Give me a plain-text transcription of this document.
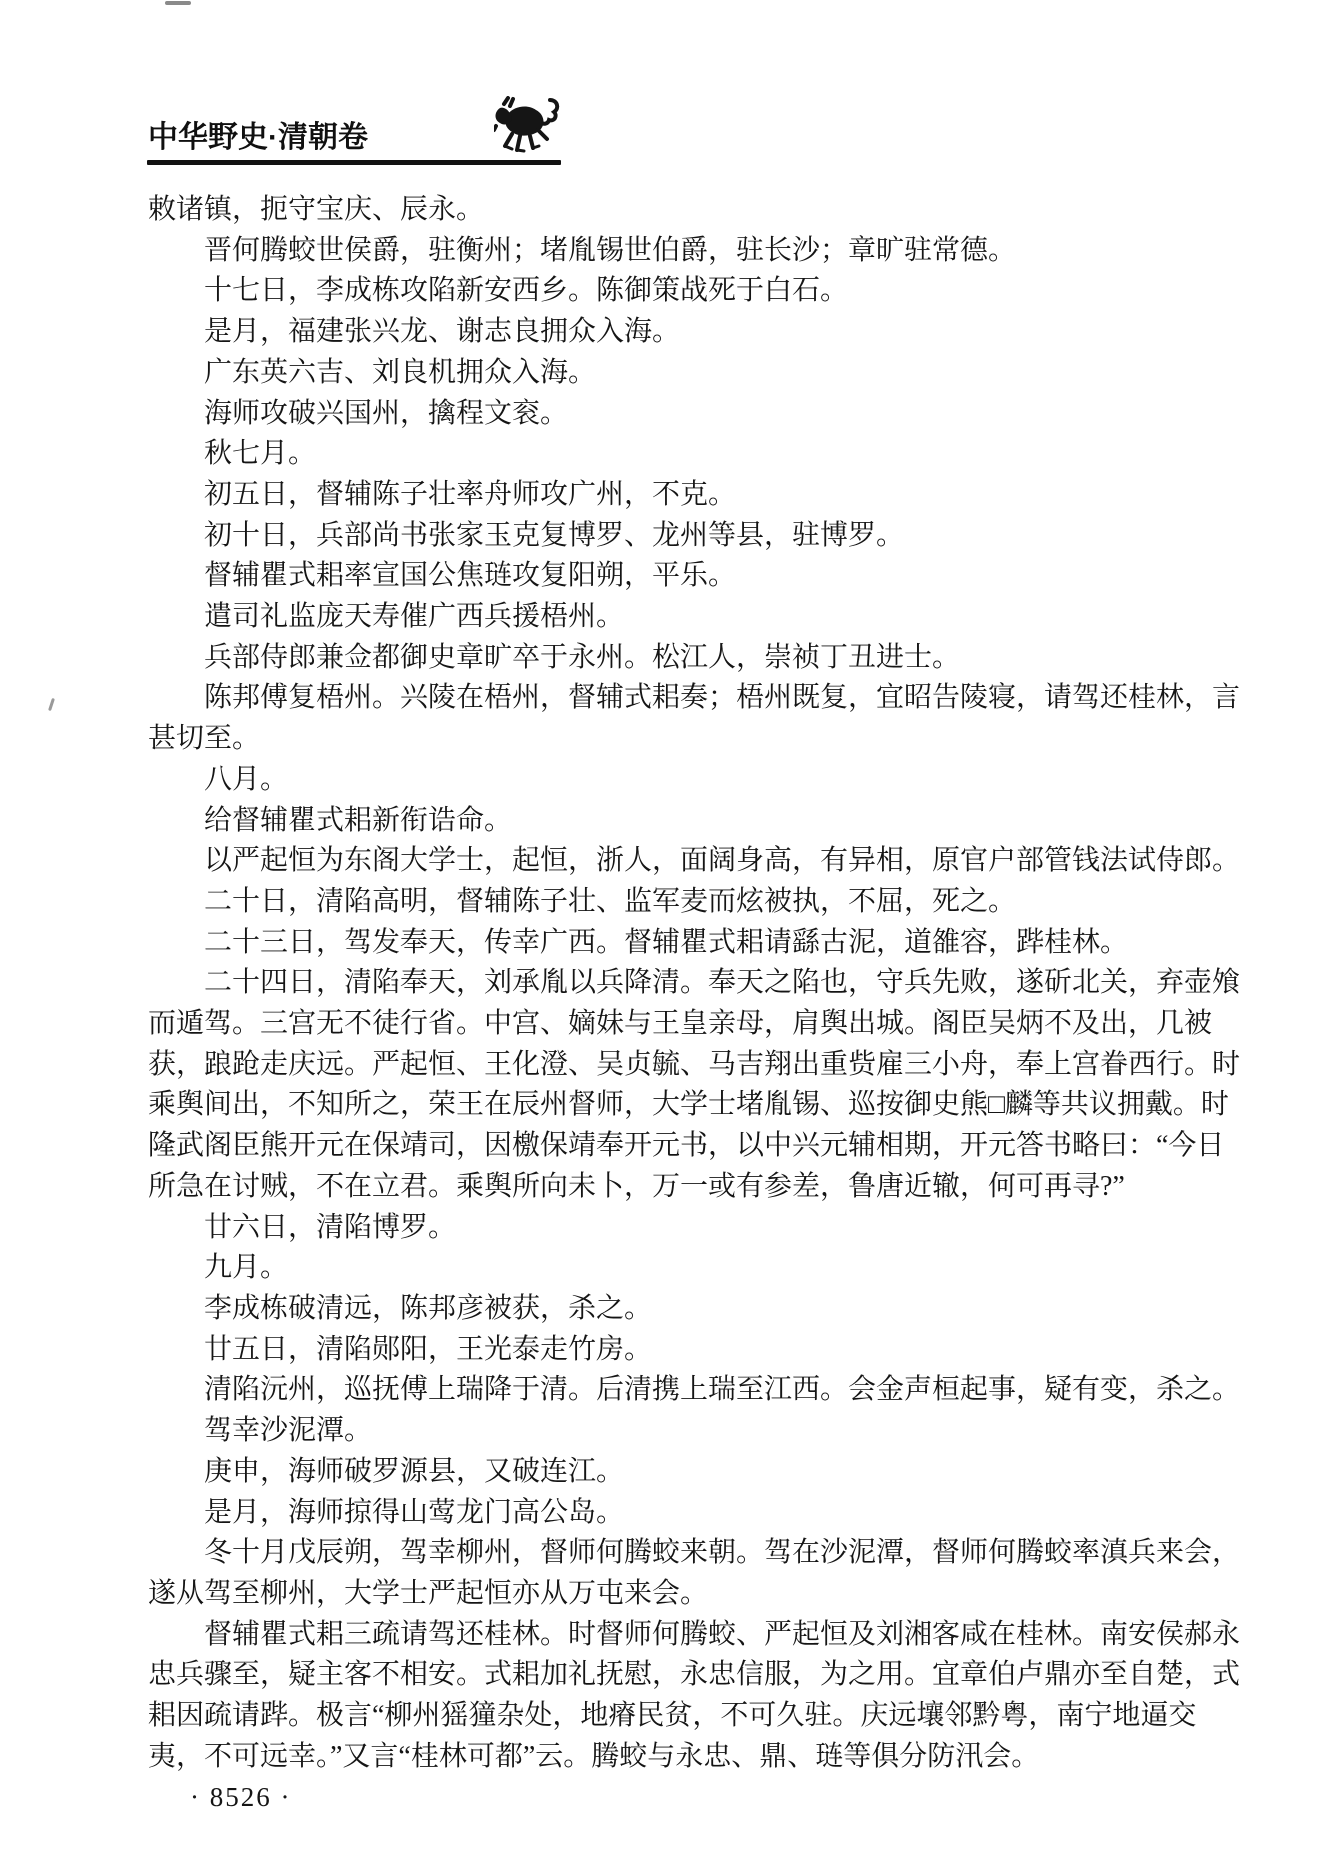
中华野史·清朝卷
敕诸镇，扼守宝庆、辰永。
晋何腾蛟世侯爵，驻衡州；堵胤锡世伯爵，驻长沙；章旷驻常德。
十七日，李成栋攻陷新安西乡。陈御策战死于白石。
是月，福建张兴龙、谢志良拥众入海。
广东英六吉、刘良机拥众入海。
海师攻破兴国州，擒程文衮。
秋七月。
初五日，督辅陈子壮率舟师攻广州，不克。
初十日，兵部尚书张家玉克复博罗、龙州等县，驻博罗。
督辅瞿式耜率宣国公焦琏攻复阳朔，平乐。
遣司礼监庞天寿催广西兵援梧州。
兵部侍郎兼佥都御史章旷卒于永州。松江人，崇祯丁丑进士。
陈邦傅复梧州。兴陵在梧州，督辅式耜奏；梧州既复，宜昭告陵寝，请驾还桂林，言
甚切至。
八月。
给督辅瞿式耜新衔诰命。
以严起恒为东阁大学士，起恒，浙人，面阔身高，有异相，原官户部管钱法试侍郎。
二十日，清陷高明，督辅陈子壮、监军麦而炫被执，不屈，死之。
二十三日，驾发奉天，传幸广西。督辅瞿式耜请繇古泥，道雒容，跸桂林。
二十四日，清陷奉天，刘承胤以兵降清。奉天之陷也，守兵先败，遂斫北关，弃壶飧
而遁驾。三宫无不徒行省。中宫、嫡妹与王皇亲母，肩舆出城。阁臣吴炳不及出，几被
获，踉跄走庆远。严起恒、王化澄、吴贞毓、马吉翔出重赀雇三小舟，奉上宫眷西行。时
乘舆间出，不知所之，荣王在辰州督师，大学士堵胤锡、巡按御史熊□麟等共议拥戴。时
隆武阁臣熊开元在保靖司，因檄保靖奉开元书，以中兴元辅相期，开元答书略曰：“今日
所急在讨贼，不在立君。乘舆所向未卜，万一或有参差，鲁唐近辙，何可再寻?”
廿六日，清陷博罗。
九月。
李成栋破清远，陈邦彦被获，杀之。
廿五日，清陷郧阳，王光泰走竹房。
清陷沅州，巡抚傅上瑞降于清。后清携上瑞至江西。会金声桓起事，疑有变，杀之。
驾幸沙泥潭。
庚申，海师破罗源县，又破连江。
是月，海师掠得山莺龙门高公岛。
冬十月戊辰朔，驾幸柳州，督师何腾蛟来朝。驾在沙泥潭，督师何腾蛟率滇兵来会，
遂从驾至柳州，大学士严起恒亦从万屯来会。
督辅瞿式耜三疏请驾还桂林。时督师何腾蛟、严起恒及刘湘客咸在桂林。南安侯郝永
忠兵骤至，疑主客不相安。式耜加礼抚慰，永忠信服，为之用。宜章伯卢鼎亦至自楚，式
耜因疏请跸。极言“柳州猺獞杂处，地瘠民贫，不可久驻。庆远壤邻黔粤，南宁地逼交
夷，不可远幸。”又言“桂林可都”云。腾蛟与永忠、鼎、琏等俱分防汛会。
· 8526 ·
